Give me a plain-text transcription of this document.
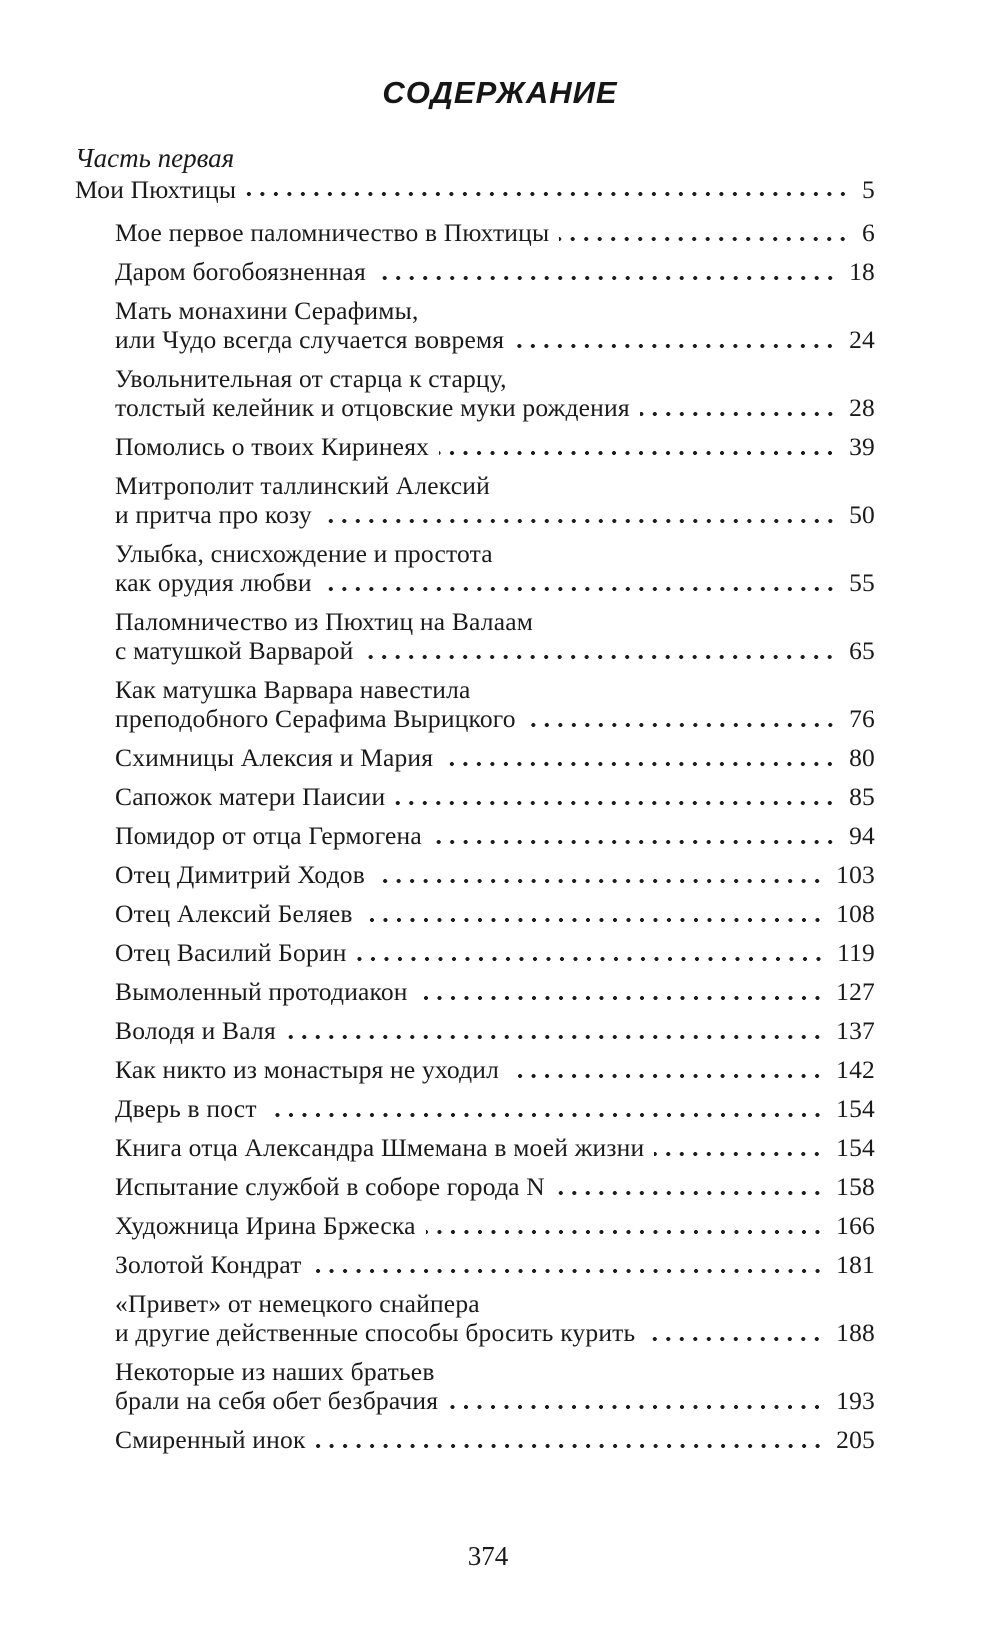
СОДЕРЖАНИЕ
Часть первая
Мои Пюхтицы	5
Мое первое паломничество в Пюхтицы	6
Даром богобоязненная	18
Мать монахини Серафимы,
или Чудо всегда случается вовремя	24
Увольнительная от старца к старцу,
толстый келейник и отцовские муки рождения	28
Помолись о твоих Киринеях	39
Митрополит таллинский Алексий
и притча про козу	50
Улыбка, снисхождение и простота
как орудия любви	55
Паломничество из Пюхтиц на Валаам
с матушкой Варварой	65
Как матушка Варвара навестила
преподобного Серафима Вырицкого	76
Схимницы Алексия и Мария	80
Сапожок матери Паисии	85
Помидор от отца Гермогена	94
Отец Димитрий Ходов	103
Отец Алексий Беляев	108
Отец Василий Борин	119
Вымоленный протодиакон	127
Володя и Валя	137
Как никто из монастыря не уходил	142
Дверь в пост	154
Книга отца Александра Шмемана в моей жизни	154
Испытание службой в соборе города N	158
Художница Ирина Бржеска	166
Золотой Кондрат	181
«Привет» от немецкого снайпера
и другие действенные способы бросить курить	188
Некоторые из наших братьев
брали на себя обет безбрачия	193
Смиренный инок	205
374
